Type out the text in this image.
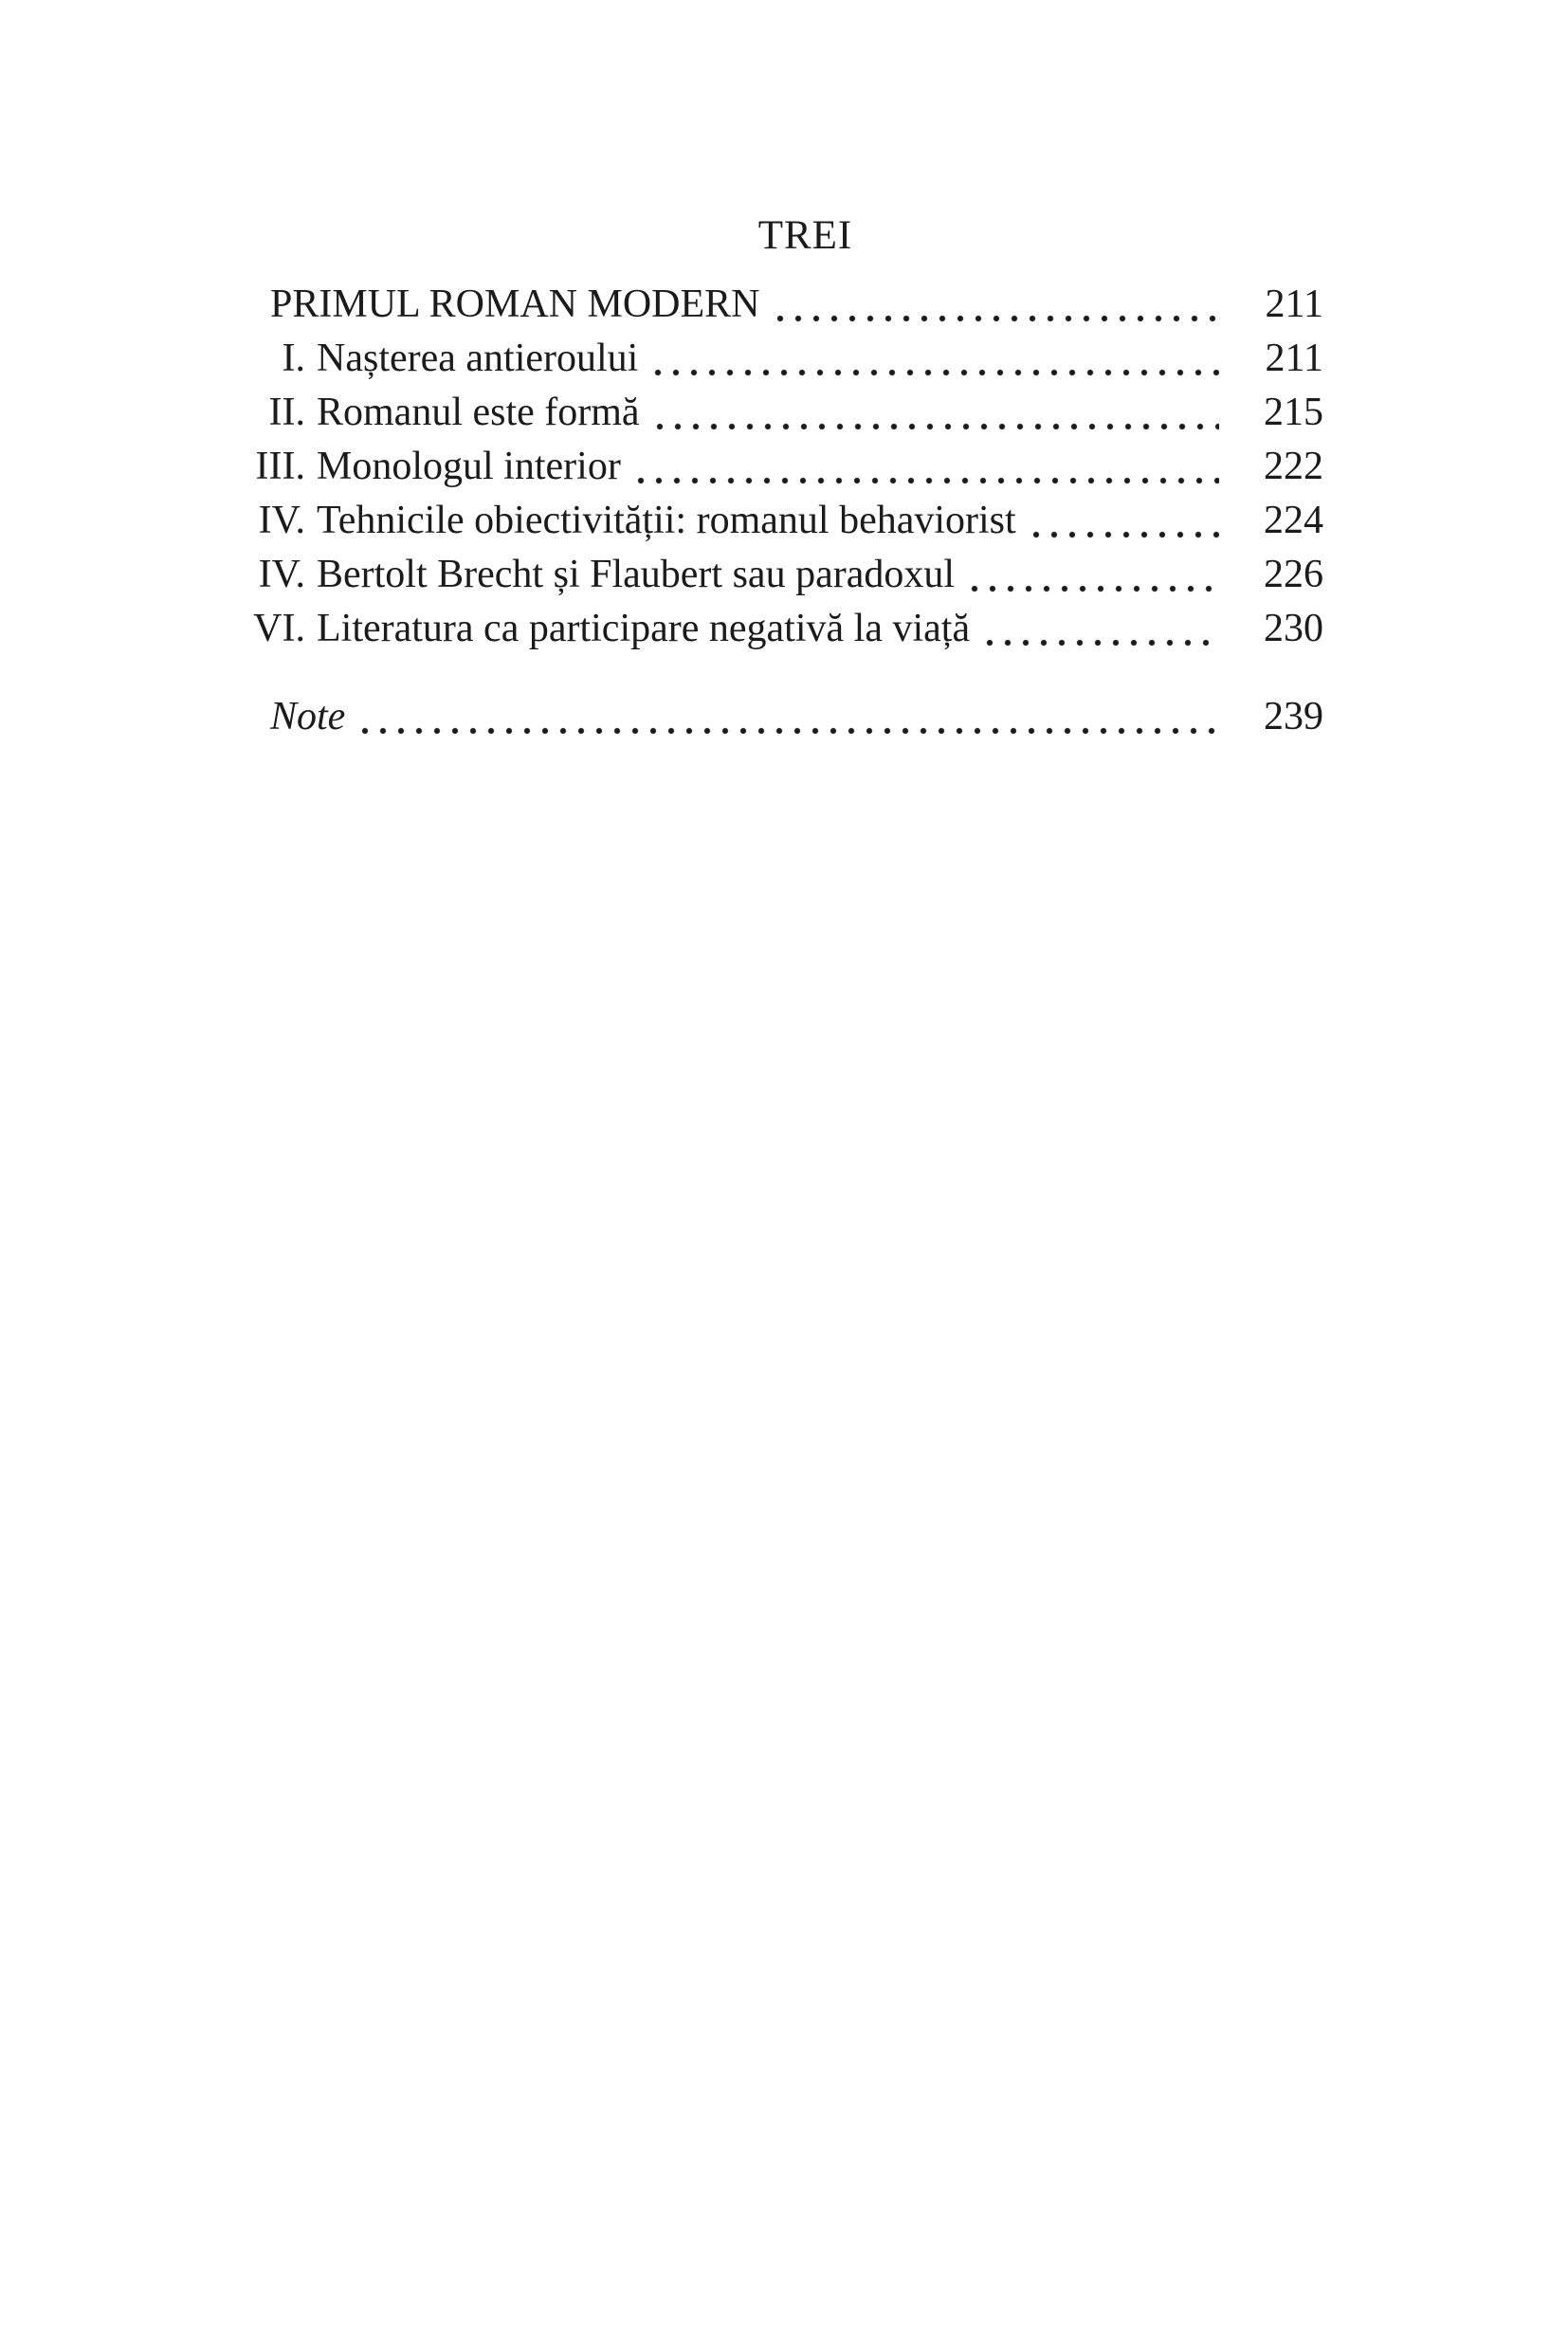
TREI
PRIMUL ROMAN MODERN	211
I. Nașterea antieroului	211
II. Romanul este formă	215
III. Monologul interior	222
IV. Tehnicile obiectivității: romanul behaviorist	224
IV. Bertolt Brecht și Flaubert sau paradoxul	226
VI. Literatura ca participare negativă la viață	230
Note	239
